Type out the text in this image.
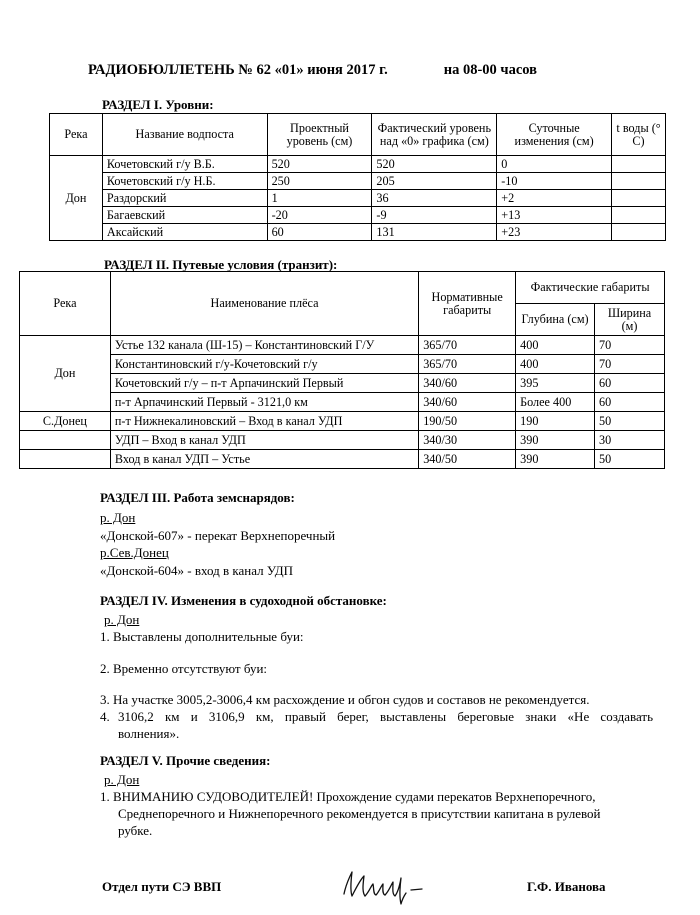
РАДИОБЮЛЛЕТЕНЬ № 62 «01» июня 2017 г.	на 08-00 часов
РАЗДЕЛ I. Уровни:
Река	Название водпоста	Проектный уровень (см)	Фактический уровень над «0» графика (см)	Суточные изменения (см)	t воды (° С)
Дон	Кочетовский г/у В.Б.	520	520	0	
	Кочетовский г/у Н.Б.	250	205	-10	
	Раздорский	1	36	+2	
	Багаевский	-20	-9	+13	
	Аксайский	60	131	+23	
РАЗДЕЛ II. Путевые условия (транзит):
Река	Наименование плёса	Нормативные габариты	Фактические габариты	
			Глубина (см)	Ширина (м)
Дон	Устье 132 канала (Ш-15) – Константиновский Г/У	365/70	400	70
	Константиновский г/у-Кочетовский г/у	365/70	400	70
	Кочетовский г/у – п-т Арпачинский Первый	340/60	395	60
	п-т Арпачинский Первый - 3121,0 км	340/60	Более 400	60
С.Донец	п-т Нижнекалиновский – Вход в канал УДП	190/50	190	50
	УДП – Вход в канал УДП	340/30	390	30
	Вход в канал УДП – Устье	340/50	390	50
РАЗДЕЛ III. Работа земснарядов:
р. Дон
«Донской-607» - перекат Верхнепоречный
р.Сев.Донец
«Донской-604» - вход в канал УДП
РАЗДЕЛ IV. Изменения в судоходной обстановке:
р. Дон
1. Выставлены дополнительные буи:
2. Временно отсутствуют буи:
3. На участке 3005,2-3006,4 км расхождение и обгон судов и составов не рекомендуется.
4. 3106,2 км и 3106,9 км, правый берег, выставлены береговые знаки «Не создавать
волнения».
РАЗДЕЛ V. Прочие сведения:
р. Дон
1. ВНИМАНИЮ СУДОВОДИТЕЛЕЙ! Прохождение судами перекатов Верхнепоречного,
Среднепоречного и Нижнепоречного рекомендуется в присутствии капитана в рулевой
рубке.
Отдел пути СЭ ВВП	Г.Ф. Иванова
